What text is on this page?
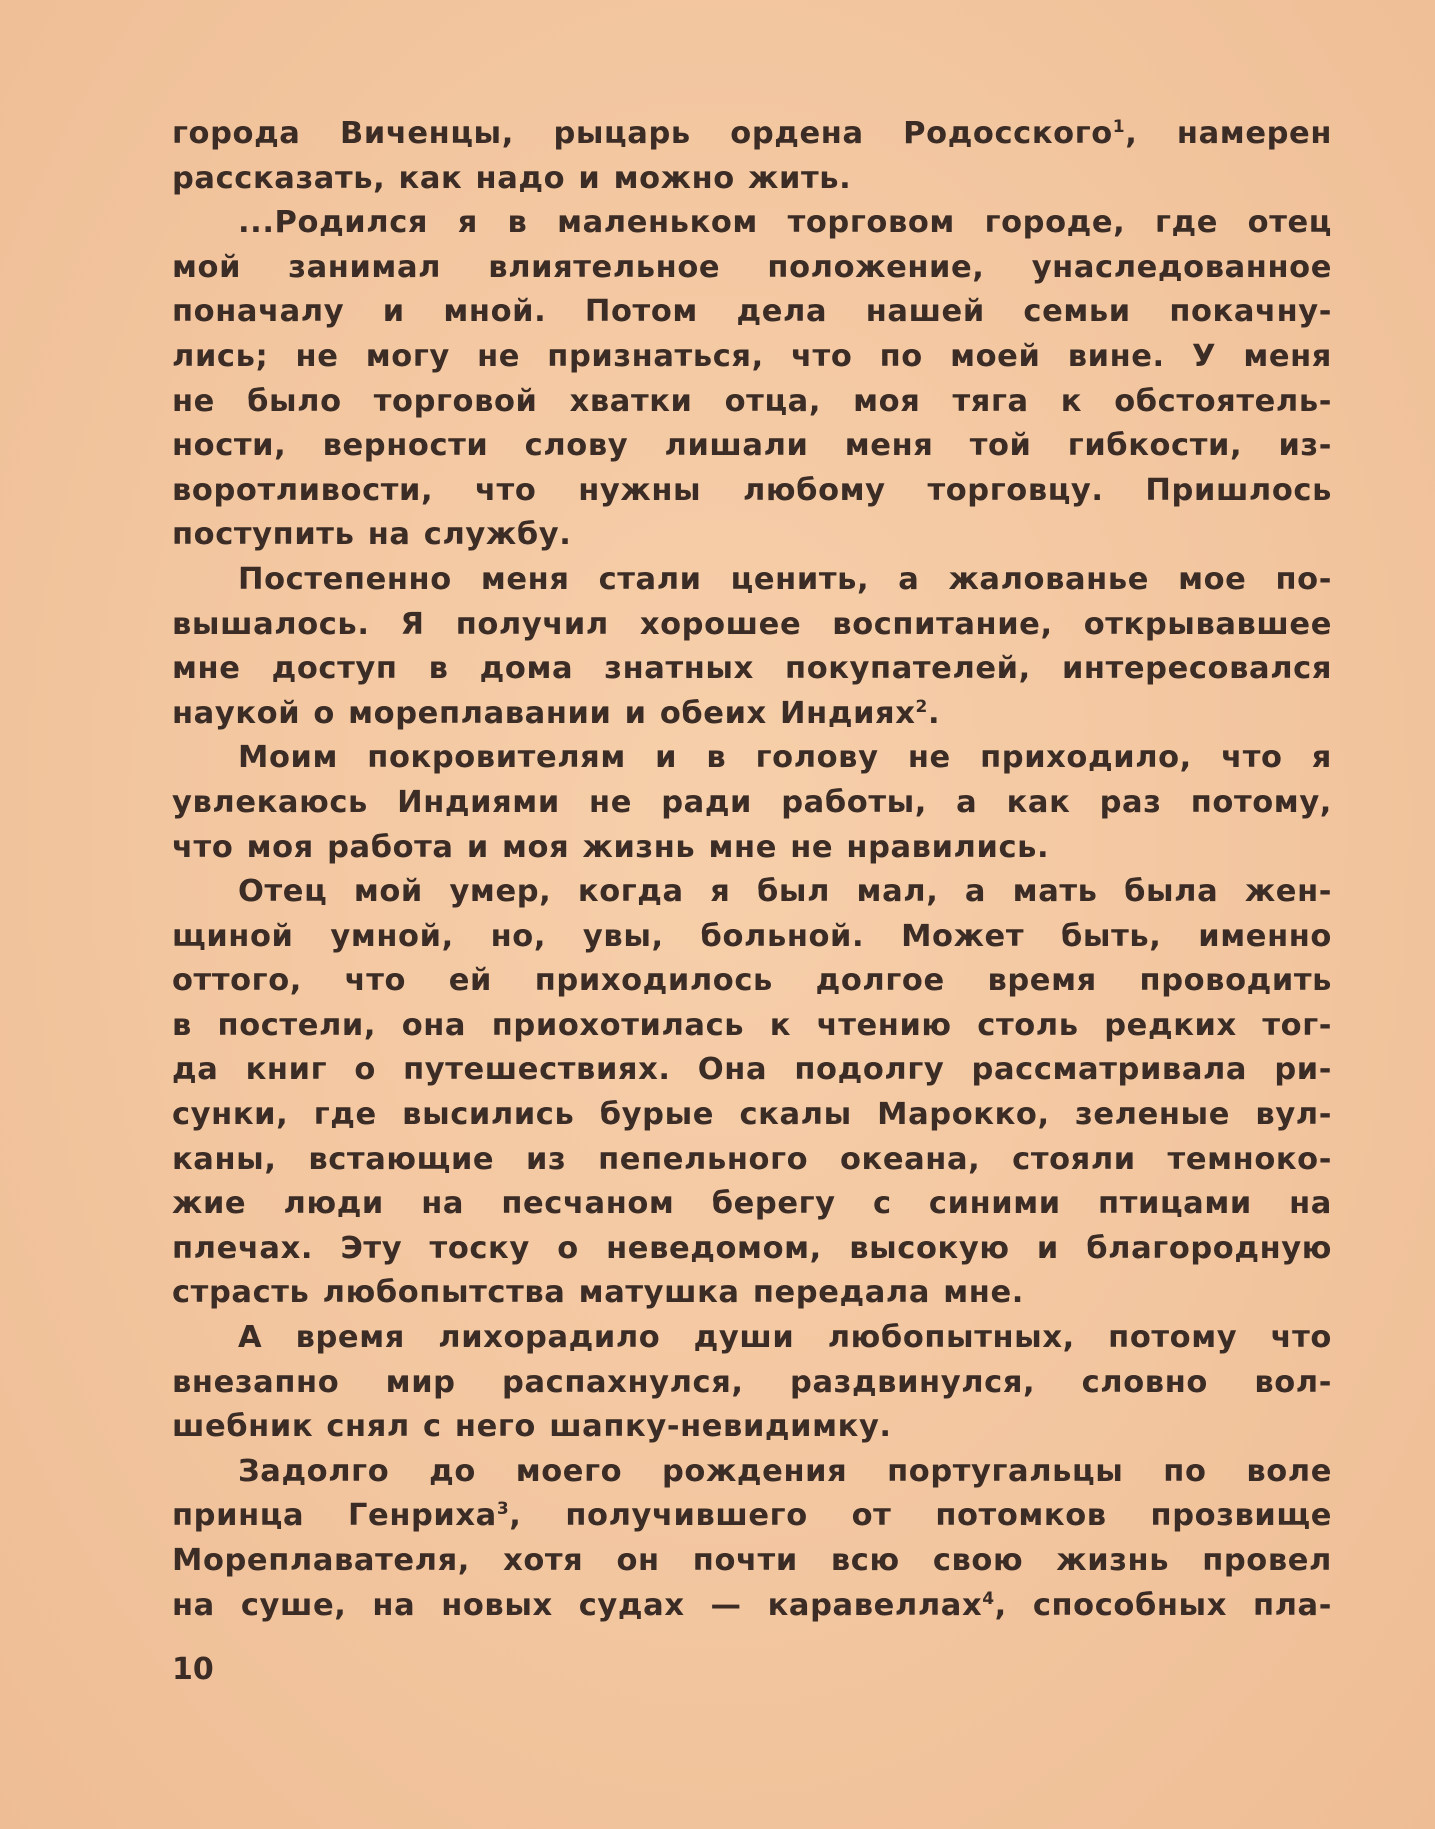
города Виченцы, рыцарь ордена Родосского$^1$, намерен
рассказать, как надо и можно жить.
...Родился я в маленьком торговом городе, где отец
мой занимал влиятельное положение, унаследованное
поначалу и мной. Потом дела нашей семьи покачну-
лись; не могу не признаться, что по моей вине. У меня
не было торговой хватки отца, моя тяга к обстоятель-
ности, верности слову лишали меня той гибкости, из-
воротливости, что нужны любому торговцу. Пришлось
поступить на службу.
Постепенно меня стали ценить, а жалованье мое по-
вышалось. Я получил хорошее воспитание, открывавшее
мне доступ в дома знатных покупателей, интересовался
наукой о мореплавании и обеих Индиях$^2$.
Моим покровителям и в голову не приходило, что я
увлекаюсь Индиями не ради работы, а как раз потому,
что моя работа и моя жизнь мне не нравились.
Отец мой умер, когда я был мал, а мать была жен-
щиной умной, но, увы, больной. Может быть, именно
оттого, что ей приходилось долгое время проводить
в постели, она приохотилась к чтению столь редких тог-
да книг о путешествиях. Она подолгу рассматривала ри-
сунки, где высились бурые скалы Марокко, зеленые вул-
каны, встающие из пепельного океана, стояли темноко-
жие люди на песчаном берегу с синими птицами на
плечах. Эту тоску о неведомом, высокую и благородную
страсть любопытства матушка передала мне.
А время лихорадило души любопытных, потому что
внезапно мир распахнулся, раздвинулся, словно вол-
шебник снял с него шапку-невидимку.
Задолго до моего рождения португальцы по воле
принца Генриха$^3$, получившего от потомков прозвище
Мореплавателя, хотя он почти всю свою жизнь провел
на суше, на новых судах — каравеллах$^4$, способных пла-
10
